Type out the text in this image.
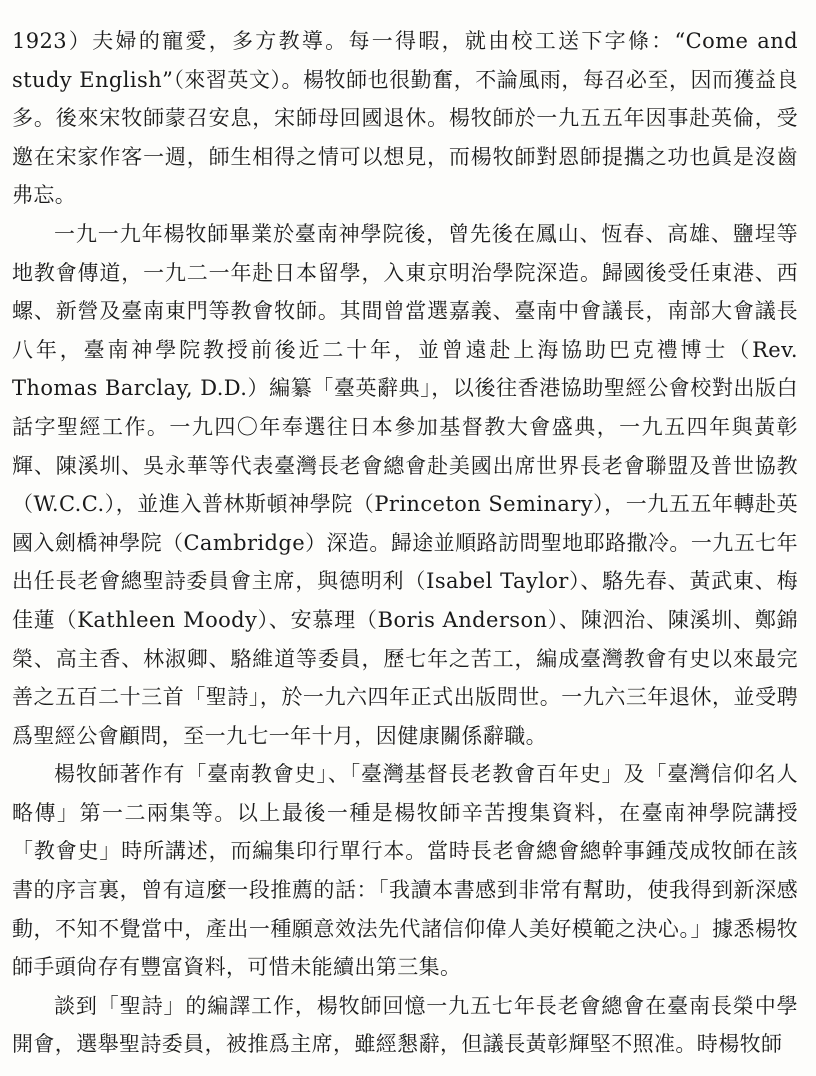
1923）夫婦的寵愛，多方教導。每一得暇，就由校工送下字條：“Come and study English”（來習英文）。楊牧師也很勤奮，不論風雨，每召必至，因而獲益良多。後來宋牧師蒙召安息，宋師母回國退休。楊牧師於一九五五年因事赴英倫，受邀在宋家作客一週，師生相得之情可以想見，而楊牧師對恩師提攜之功也眞是沒齒弗忘。

一九一九年楊牧師畢業於臺南神學院後，曾先後在鳳山、恆春、高雄、鹽埕等地教會傳道，一九二一年赴日本留學，入東京明治學院深造。歸國後受任東港、西螺、新營及臺南東門等教會牧師。其間曾當選嘉義、臺南中會議長，南部大會議長八年，臺南神學院教授前後近二十年，並曾遠赴上海協助巴克禮博士（Rev. Thomas Barclay, D.D.）編纂「臺英辭典」，以後往香港協助聖經公會校對出版白話字聖經工作。一九四〇年奉選往日本參加基督教大會盛典，一九五四年與黃彰輝、陳溪圳、吳永華等代表臺灣長老會總會赴美國出席世界長老會聯盟及普世協教（W.C.C.），並進入普林斯頓神學院（Princeton Seminary），一九五五年轉赴英國入劍橋神學院（Cambridge）深造。歸途並順路訪問聖地耶路撒冷。一九五七年出任長老會總聖詩委員會主席，與德明利（Isabel Taylor）、駱先春、黃武東、梅佳蓮（Kathleen Moody）、安慕理（Boris Anderson）、陳泗治、陳溪圳、鄭錦榮、高主香、林淑卿、駱維道等委員，歷七年之苦工，編成臺灣教會有史以來最完善之五百二十三首「聖詩」，於一九六四年正式出版問世。一九六三年退休，並受聘爲聖經公會顧問，至一九七一年十月，因健康關係辭職。

楊牧師著作有「臺南教會史」、「臺灣基督長老教會百年史」及「臺灣信仰名人略傳」第一二兩集等。以上最後一種是楊牧師辛苦搜集資料，在臺南神學院講授「教會史」時所講述，而編集印行單行本。當時長老會總會總幹事鍾茂成牧師在該書的序言裏，曾有這麼一段推薦的話：「我讀本書感到非常有幫助，使我得到新深感動，不知不覺當中，產出一種願意效法先代諸信仰偉人美好模範之決心。」據悉楊牧師手頭尙存有豐富資料，可惜未能續出第三集。

談到「聖詩」的編譯工作，楊牧師回憶一九五七年長老會總會在臺南長榮中學開會，選舉聖詩委員，被推爲主席，雖經懇辭，但議長黃彰輝堅不照准。時楊牧師
